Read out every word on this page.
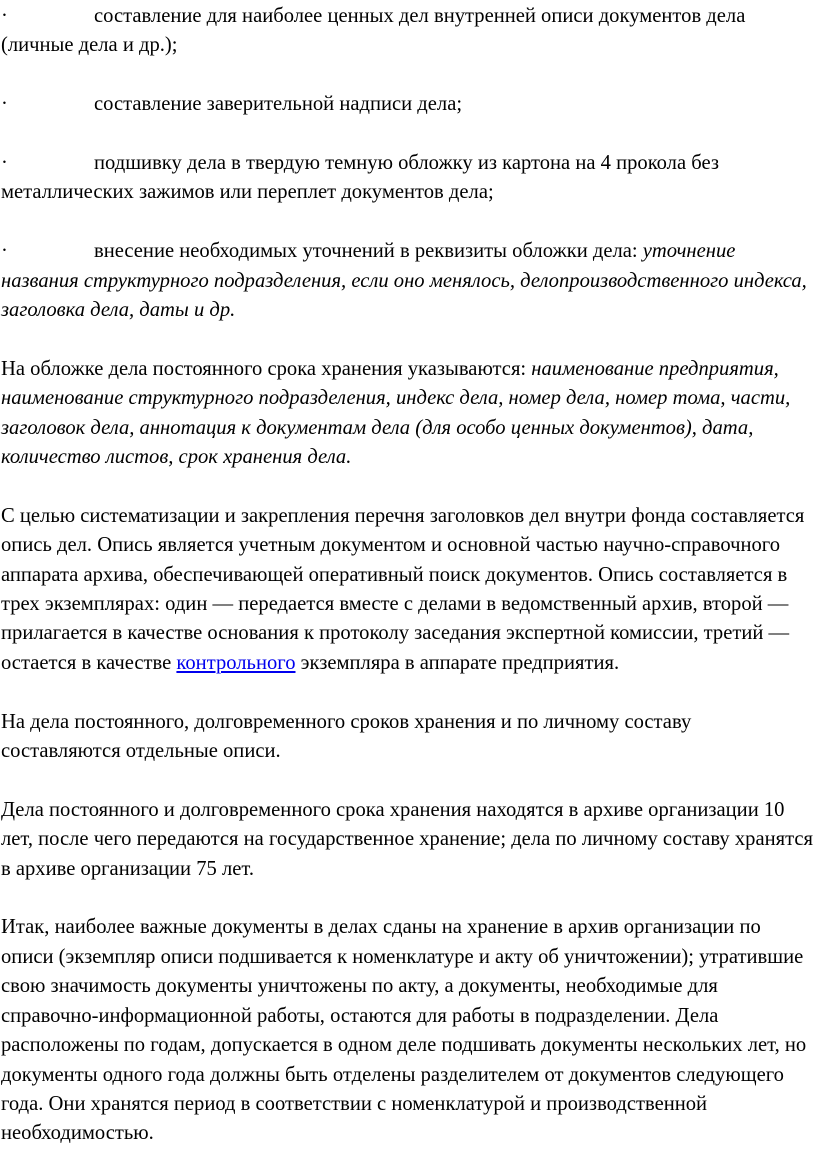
·	составление для наиболее ценных дел внутренней описи документов дела (личные дела и др.);

·	составление заверительной надписи дела;

·	подшивку дела в твердую темную обложку из картона на 4 прокола без металлических зажимов или переплет документов дела;

·	внесение необходимых уточнений в реквизиты обложки дела: уточнение названия структурного подразделения, если оно менялось, делопроизводственного индекса, заголовка дела, даты и др.

На обложке дела постоянного срока хранения указываются: наименование предприятия, наименование структурного подразделения, индекс дела, номер дела, номер тома, части, заголовок дела, аннотация к документам дела (для особо ценных документов), дата, количество листов, срок хранения дела.

С целью систематизации и закрепления перечня заголовков дел внутри фонда составляется опись дел. Опись является учетным документом и основной частью научно-справочного аппарата архива, обеспечивающей оперативный поиск документов. Опись составляется в трех экземплярах: один — передается вместе с делами в ведомственный архив, второй — прилагается в качестве основания к протоколу заседания экспертной комиссии, третий — остается в качестве контрольного экземпляра в аппарате предприятия.

На дела постоянного, долговременного сроков хранения и по личному составу составляются отдельные описи.

Дела постоянного и долговременного срока хранения находятся в архиве организации 10 лет, после чего передаются на государственное хранение; дела по личному составу хранятся в архиве организации 75 лет.

Итак, наиболее важные документы в делах сданы на хранение в архив организации по описи (экземпляр описи подшивается к номенклатуре и акту об уничтожении); утратившие свою значимость документы уничтожены по акту, а документы, необходимые для справочно-информационной работы, остаются для работы в подразделении. Дела расположены по годам, допускается в одном деле подшивать документы нескольких лет, но документы одного года должны быть отделены разделителем от документов следующего года. Они хранятся период в соответствии с номенклатурой и производственной необходимостью.
